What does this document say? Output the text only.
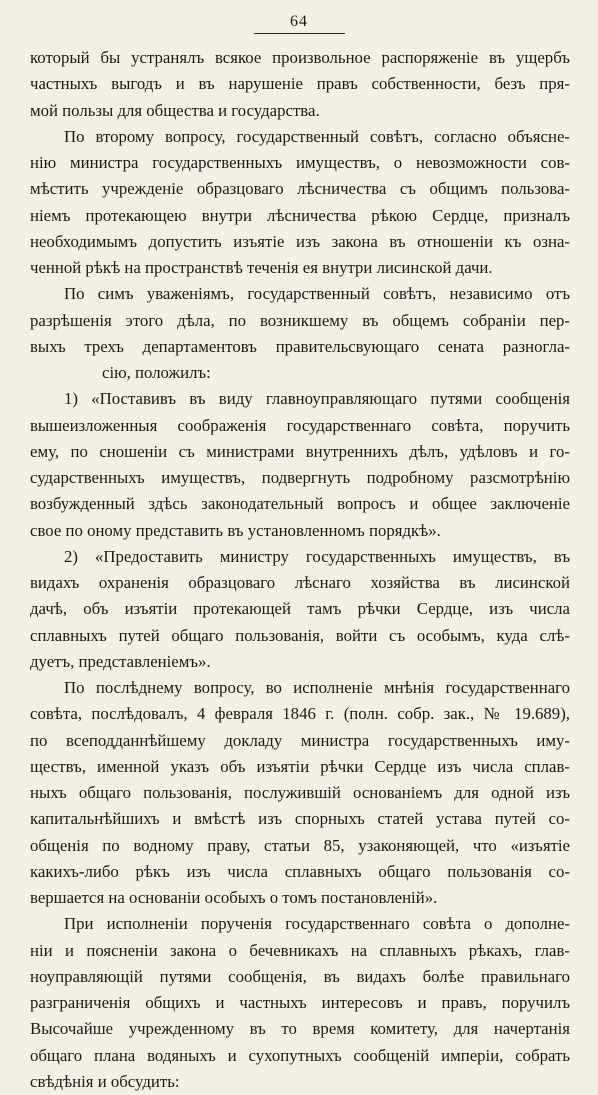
64
который бы устранялъ всякое произвольное распоряженіе въ ущербъ
частныхъ выгодъ и въ нарушеніе правъ собственности, безъ пря-
мой пользы для общества и государства.
По второму вопросу, государственный совѣтъ, согласно объясне-
нію министра государственныхъ имуществъ, о невозможности сов-
мѣстить учрежденіе образцоваго лѣсничества съ общимъ пользова-
ніемъ протекающею внутри лѣсничества рѣкою Сердце, призналъ
необходимымъ допустить изъятіе изъ закона въ отношеніи къ озна-
ченной рѣкѣ на пространствѣ теченія ея внутри лисинской дачи.
По симъ уваженіямъ, государственный совѣтъ, независимо отъ
разрѣшенія этого дѣла, по возникшему въ общемъ собраніи пер-
выхъ трехъ департаментовъ правительсвующаго сената разногла-
сію, положилъ:
1) «Поставивъ въ виду главноуправляющаго путями сообщенія
вышеизложенныя соображенія государственнаго совѣта, поручить
ему, по сношеніи съ министрами внутреннихъ дѣлъ, удѣловъ и го-
сударственныхъ имуществъ, подвергнуть подробному разсмотрѣнію
возбужденный здѣсь законодательный вопросъ и общее заключеніе
свое по оному представить въ установленномъ порядкѣ».
2) «Предоставить министру государственныхъ имуществъ, въ
видахъ охраненія образцоваго лѣснаго хозяйства въ лисинской
дачѣ, объ изъятіи протекающей тамъ рѣчки Сердце, изъ числа
сплавныхъ путей общаго пользованія, войти съ особымъ, куда слѣ-
дуетъ, представленіемъ».
По послѣднему вопросу, во исполненіе мнѣнія государственнаго
совѣта, послѣдовалъ, 4 февраля 1846 г. (полн. собр. зак., № 19.689),
по всеподданнѣйшему докладу министра государственныхъ иму-
ществъ, именной указъ объ изъятіи рѣчки Сердце изъ числа сплав-
ныхъ общаго пользованія, послужившій основаніемъ для одной изъ
капитальнѣйшихъ и вмѣстѣ изъ спорныхъ статей устава путей со-
общенія по водному праву, статьи 85, узаконяющей, что «изъятіе
какихъ-либо рѣкъ изъ числа сплавныхъ общаго пользованія со-
вершается на основаніи особыхъ о томъ постановленій».
При исполненіи порученія государственнаго совѣта о дополне-
ніи и поясненіи закона о бечевникахъ на сплавныхъ рѣкахъ, глав-
ноуправляющій путями сообщенія, въ видахъ болѣе правильнаго
разграниченія общихъ и частныхъ интересовъ и правъ, поручилъ
Высочайше учрежденному въ то время комитету, для начертанія
общаго плана водяныхъ и сухопутныхъ сообщеній имперіи, собрать
свѣдѣнія и обсудить:
